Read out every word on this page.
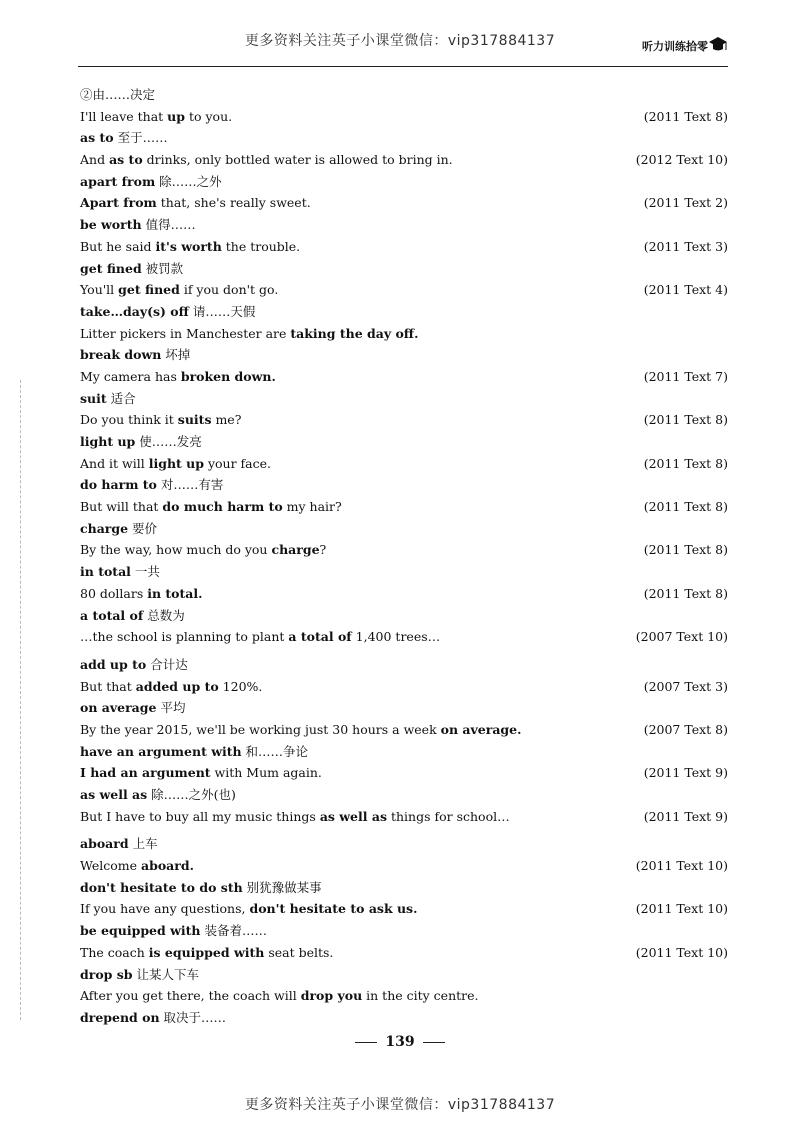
更多资料关注英子小课堂微信：vip317884137	听力训练拾零
②由……决定
I'll leave that up to you.	(2011 Text 8)
as to 至于……
And as to drinks, only bottled water is allowed to bring in.	(2012 Text 10)
apart from 除……之外
Apart from that, she's really sweet.	(2011 Text 2)
be worth 值得……
But he said it's worth the trouble.	(2011 Text 3)
get fined 被罚款
You'll get fined if you don't go.	(2011 Text 4)
take…day(s) off 请……天假
Litter pickers in Manchester are taking the day off.
break down 坏掉
My camera has broken down.	(2011 Text 7)
suit 适合
Do you think it suits me?	(2011 Text 8)
light up 使……发亮
And it will light up your face.	(2011 Text 8)
do harm to 对……有害
But will that do much harm to my hair?	(2011 Text 8)
charge 要价
By the way, how much do you charge?	(2011 Text 8)
in total 一共
80 dollars in total.	(2011 Text 8)
a total of 总数为
…the school is planning to plant a total of 1,400 trees…	(2007 Text 10)
add up to 合计达
But that added up to 120%.	(2007 Text 3)
on average 平均
By the year 2015, we'll be working just 30 hours a week on average.	(2007 Text 8)
have an argument with 和……争论
I had an argument with Mum again.	(2011 Text 9)
as well as 除……之外(也)
But I have to buy all my music things as well as things for school…	(2011 Text 9)
aboard 上车
Welcome aboard.	(2011 Text 10)
don't hesitate to do sth 别犹豫做某事
If you have any questions, don't hesitate to ask us.	(2011 Text 10)
be equipped with 装备着……
The coach is equipped with seat belts.	(2011 Text 10)
drop sb 让某人下车
After you get there, the coach will drop you in the city centre.
drepend on 取决于……
139
更多资料关注英子小课堂微信：vip317884137
